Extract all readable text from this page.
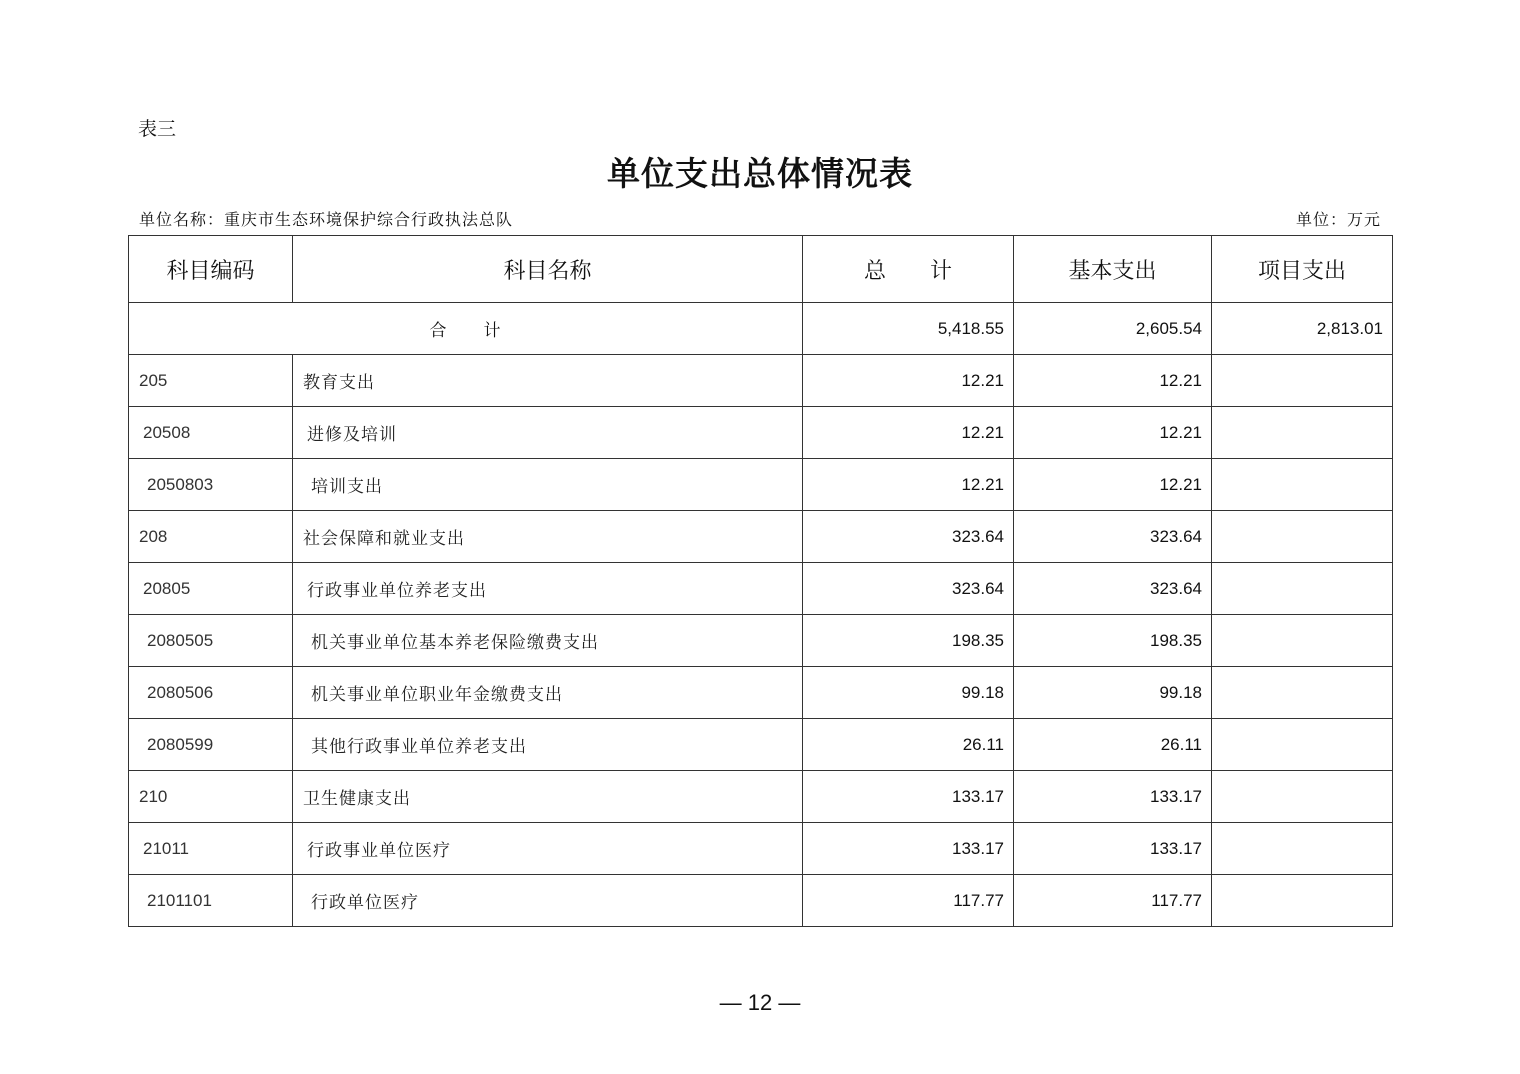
表三
单位支出总体情况表
单位名称：重庆市生态环境保护综合行政执法总队	单位：万元
科目编码	科目名称	总　　计	基本支出	项目支出
合　　计		5,418.55	2,605.54	2,813.01
205	教育支出	12.21	12.21	
20508	进修及培训	12.21	12.21	
2050803	培训支出	12.21	12.21	
208	社会保障和就业支出	323.64	323.64	
20805	行政事业单位养老支出	323.64	323.64	
2080505	机关事业单位基本养老保险缴费支出	198.35	198.35	
2080506	机关事业单位职业年金缴费支出	99.18	99.18	
2080599	其他行政事业单位养老支出	26.11	26.11	
210	卫生健康支出	133.17	133.17	
21011	行政事业单位医疗	133.17	133.17	
2101101	行政单位医疗	117.77	117.77	
— 12 —
